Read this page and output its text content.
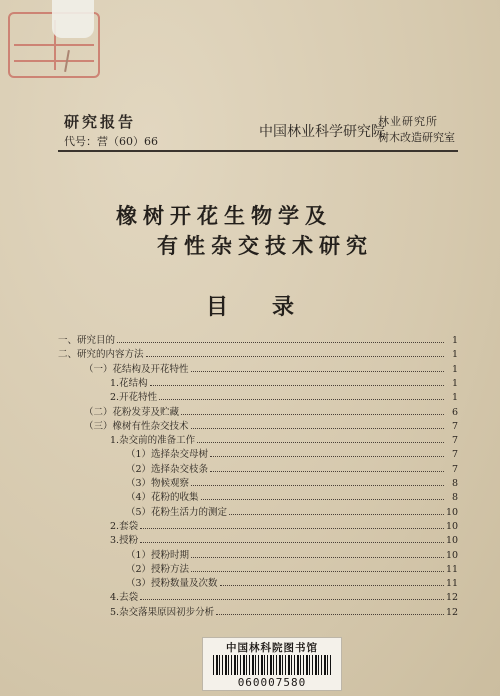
研究报告
代号：营（60）66
中国林业科学研究院
林业研究所
树木改造研究室
橡树开花生物学及
有性杂交技术研究
目录
一、研究目的	1
二、研究的内容方法	1
（一）花结构及开花特性	1
1.花结构	1
2.开花特性	1
（二）花粉发芽及贮藏	6
（三）橡树有性杂交技术	7
1.杂交前的准备工作	7
（1）选择杂交母树	7
（2）选择杂交枝条	7
（3）物候观察	8
（4）花粉的收集	8
（5）花粉生活力的测定	10
2.套袋	10
3.授粉	10
（1）授粉时期	10
（2）授粉方法	11
（3）授粉数量及次数	11
4.去袋	12
5.杂交落果原因初步分析	12
中国林科院图书馆
060007580
